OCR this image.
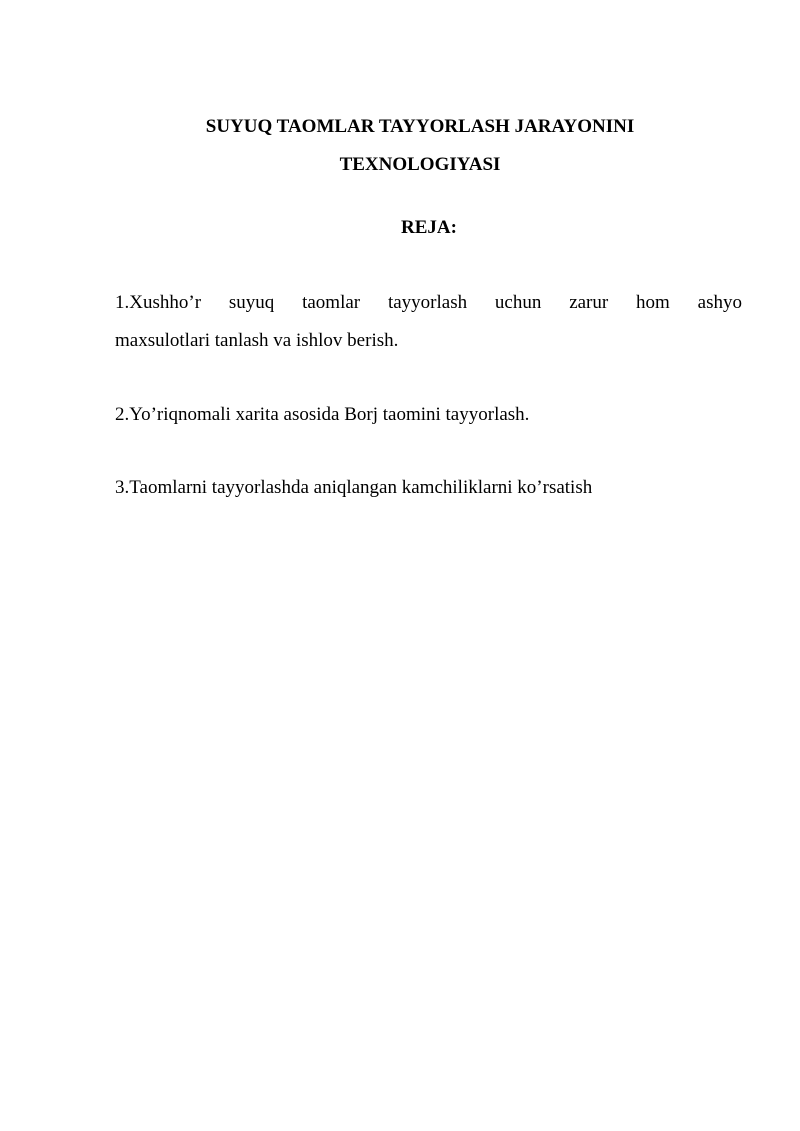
SUYUQ TAOMLAR TAYYORLASH JARAYONINI
TEXNOLOGIYASI
REJA:
1.Xushho’r suyuq taomlar tayyorlash uchun zarur hom ashyo
maxsulotlari tanlash va ishlov berish.
2.Yo’riqnomali xarita asosida Borj taomini tayyorlash.
3.Taomlarni tayyorlashda aniqlangan kamchiliklarni ko’rsatish
